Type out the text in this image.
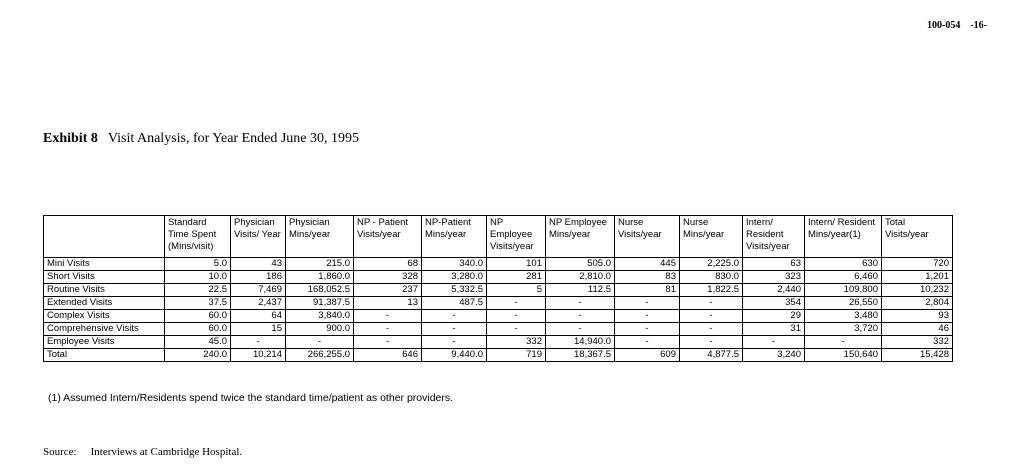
100-054    -16-
Exhibit 8 Visit Analysis, for Year Ended June 30, 1995
	Standard Time Spent (Mins/visit)	Physician Visits/ Year	Physician Mins/year	NP - Patient Visits/year	NP-Patient Mins/year	NP Employee Visits/year	NP Employee Mins/year	Nurse Visits/year	Nurse Mins/year	Intern/ Resident Visits/year	Intern/ Resident Mins/year(1)	Total Visits/year
Mini Visits	5.0	43	215.0	68	340.0	101	505.0	445	2,225.0	63	630	720
Short Visits	10.0	186	1,860.0	328	3,280.0	281	2,810.0	83	830.0	323	6,460	1,201
Routine Visits	22.5	7,469	168,052.5	237	5,332.5	5	112.5	81	1,822.5	2,440	109,800	10,232
Extended Visits	37.5	2,437	91,387.5	13	487.5	-	-	-	-	354	26,550	2,804
Complex Visits	60.0	64	3,840.0	-	-	-	-	-	-	29	3,480	93
Comprehensive Visits	60.0	15	900.0	-	-	-	-	-	-	31	3,720	46
Employee Visits	45.0	-	-	-	-	332	14,940.0	-	-	-	-	332
Total	240.0	10,214	266,255.0	646	9,440.0	719	18,367.5	609	4,877.5	3,240	150,640	15,428
(1) Assumed Intern/Residents spend twice the standard time/patient as other providers.
Source: Interviews at Cambridge Hospital.
